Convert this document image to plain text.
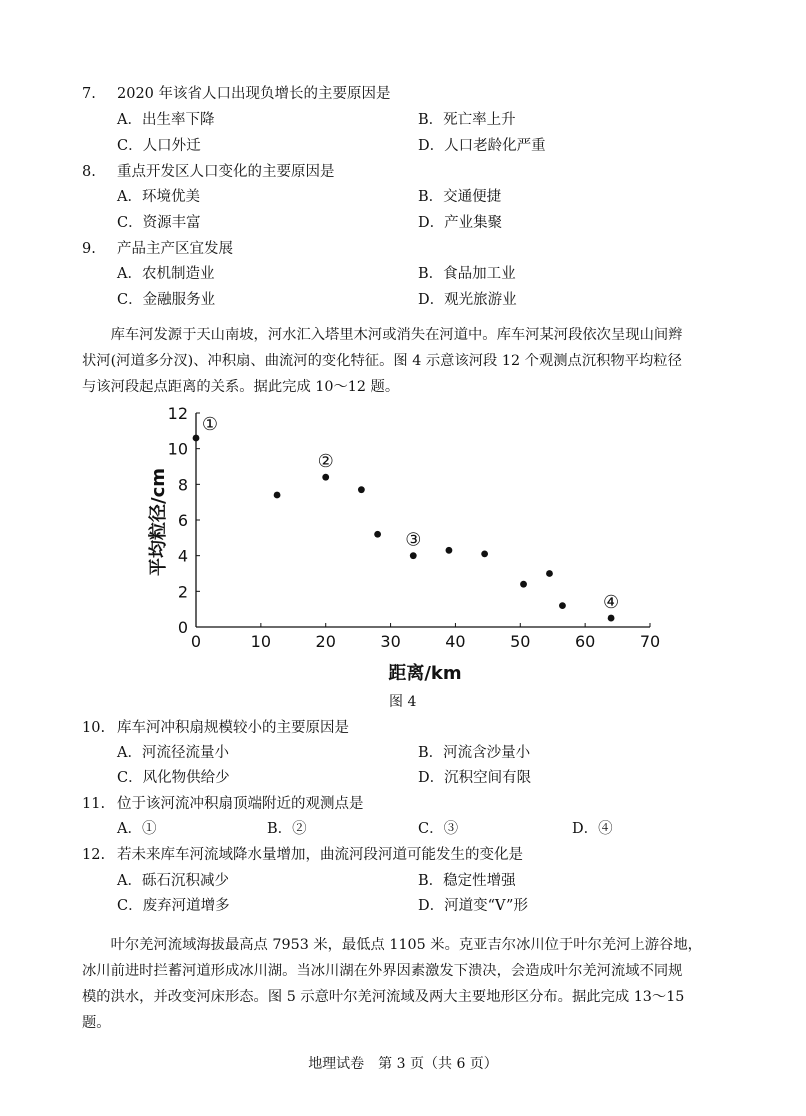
7. 2020 年该省人口出现负增长的主要原因是
A．出生率下降	B．死亡率上升
C．人口外迁	D．人口老龄化严重
8. 重点开发区人口变化的主要原因是
A．环境优美	B．交通便捷
C．资源丰富	D．产业集聚
9. 产品主产区宜发展
A．农机制造业	B．食品加工业
C．金融服务业	D．观光旅游业
　　库车河发源于天山南坡，河水汇入塔里木河或消失在河道中。库车河某河段依次呈现山间辫
状河(河道多分汊)、冲积扇、曲流河的变化特征。图 4 示意该河段 12 个观测点沉积物平均粒径
与该河段起点距离的关系。据此完成 10～12 题。
0	10	20	30	40	50	60	70
0
2
4
6
8
10
12
①
②
③
④
距离/km
平均粒径/cm
图 4
10. 库车河冲积扇规模较小的主要原因是
A．河流径流量小	B．河流含沙量小
C．风化物供给少	D．沉积空间有限
11. 位于该河流冲积扇顶端附近的观测点是
A．①	B．②	C．③	D．④
12. 若未来库车河流域降水量增加，曲流河段河道可能发生的变化是
A．砾石沉积减少	B．稳定性增强
C．废弃河道增多	D．河道变“V”形
　　叶尔羌河流域海拔最高点 7953 米，最低点 1105 米。克亚吉尔冰川位于叶尔羌河上游谷地，
冰川前进时拦蓄河道形成冰川湖。当冰川湖在外界因素激发下溃决，会造成叶尔羌河流域不同规
模的洪水，并改变河床形态。图 5 示意叶尔羌河流域及两大主要地形区分布。据此完成 13～15
题。
地理试卷　第 3 页（共 6 页）
